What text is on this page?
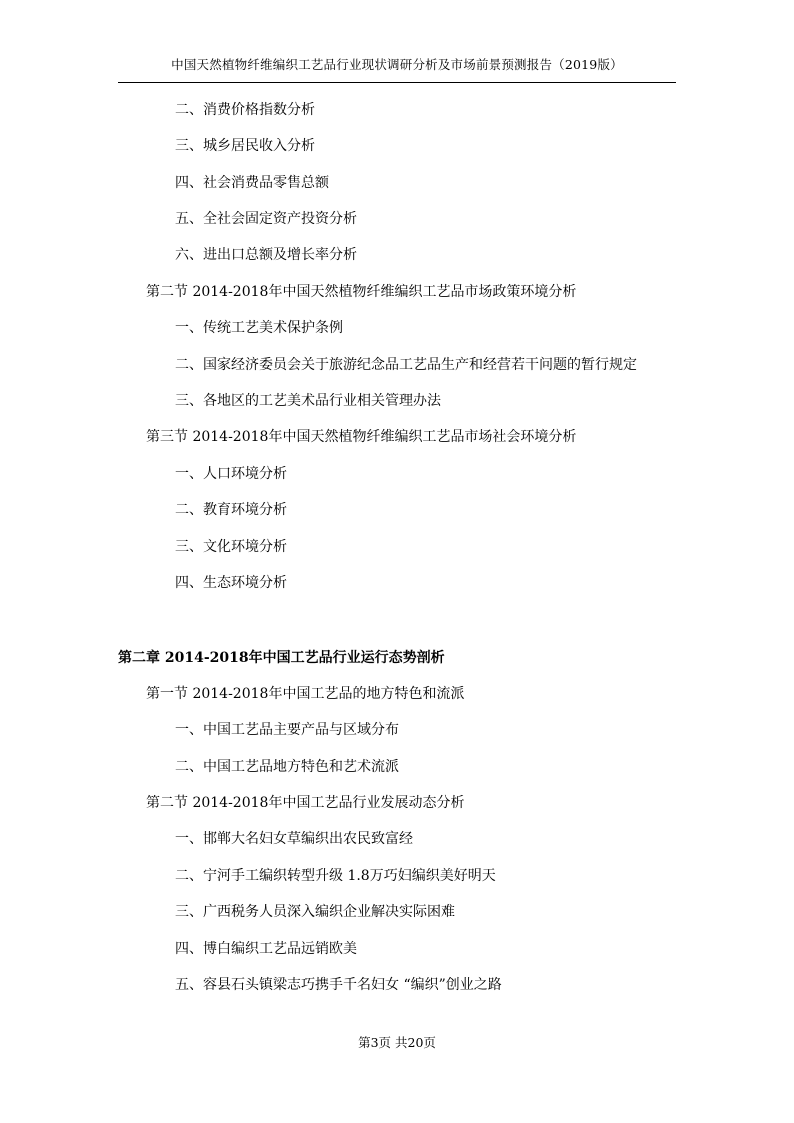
中国天然植物纤维编织工艺品行业现状调研分析及市场前景预测报告（2019版）
二、消费价格指数分析
三、城乡居民收入分析
四、社会消费品零售总额
五、全社会固定资产投资分析
六、进出口总额及增长率分析
第二节 2014-2018年中国天然植物纤维编织工艺品市场政策环境分析
一、传统工艺美术保护条例
二、国家经济委员会关于旅游纪念品工艺品生产和经营若干问题的暂行规定
三、各地区的工艺美术品行业相关管理办法
第三节 2014-2018年中国天然植物纤维编织工艺品市场社会环境分析
一、人口环境分析
二、教育环境分析
三、文化环境分析
四、生态环境分析
第二章 2014-2018年中国工艺品行业运行态势剖析
第一节 2014-2018年中国工艺品的地方特色和流派
一、中国工艺品主要产品与区域分布
二、中国工艺品地方特色和艺术流派
第二节 2014-2018年中国工艺品行业发展动态分析
一、邯郸大名妇女草编织出农民致富经
二、宁河手工编织转型升级 1.8万巧妇编织美好明天
三、广西税务人员深入编织企业解决实际困难
四、博白编织工艺品远销欧美
五、容县石头镇梁志巧携手千名妇女 “编织”创业之路
第3页 共20页
